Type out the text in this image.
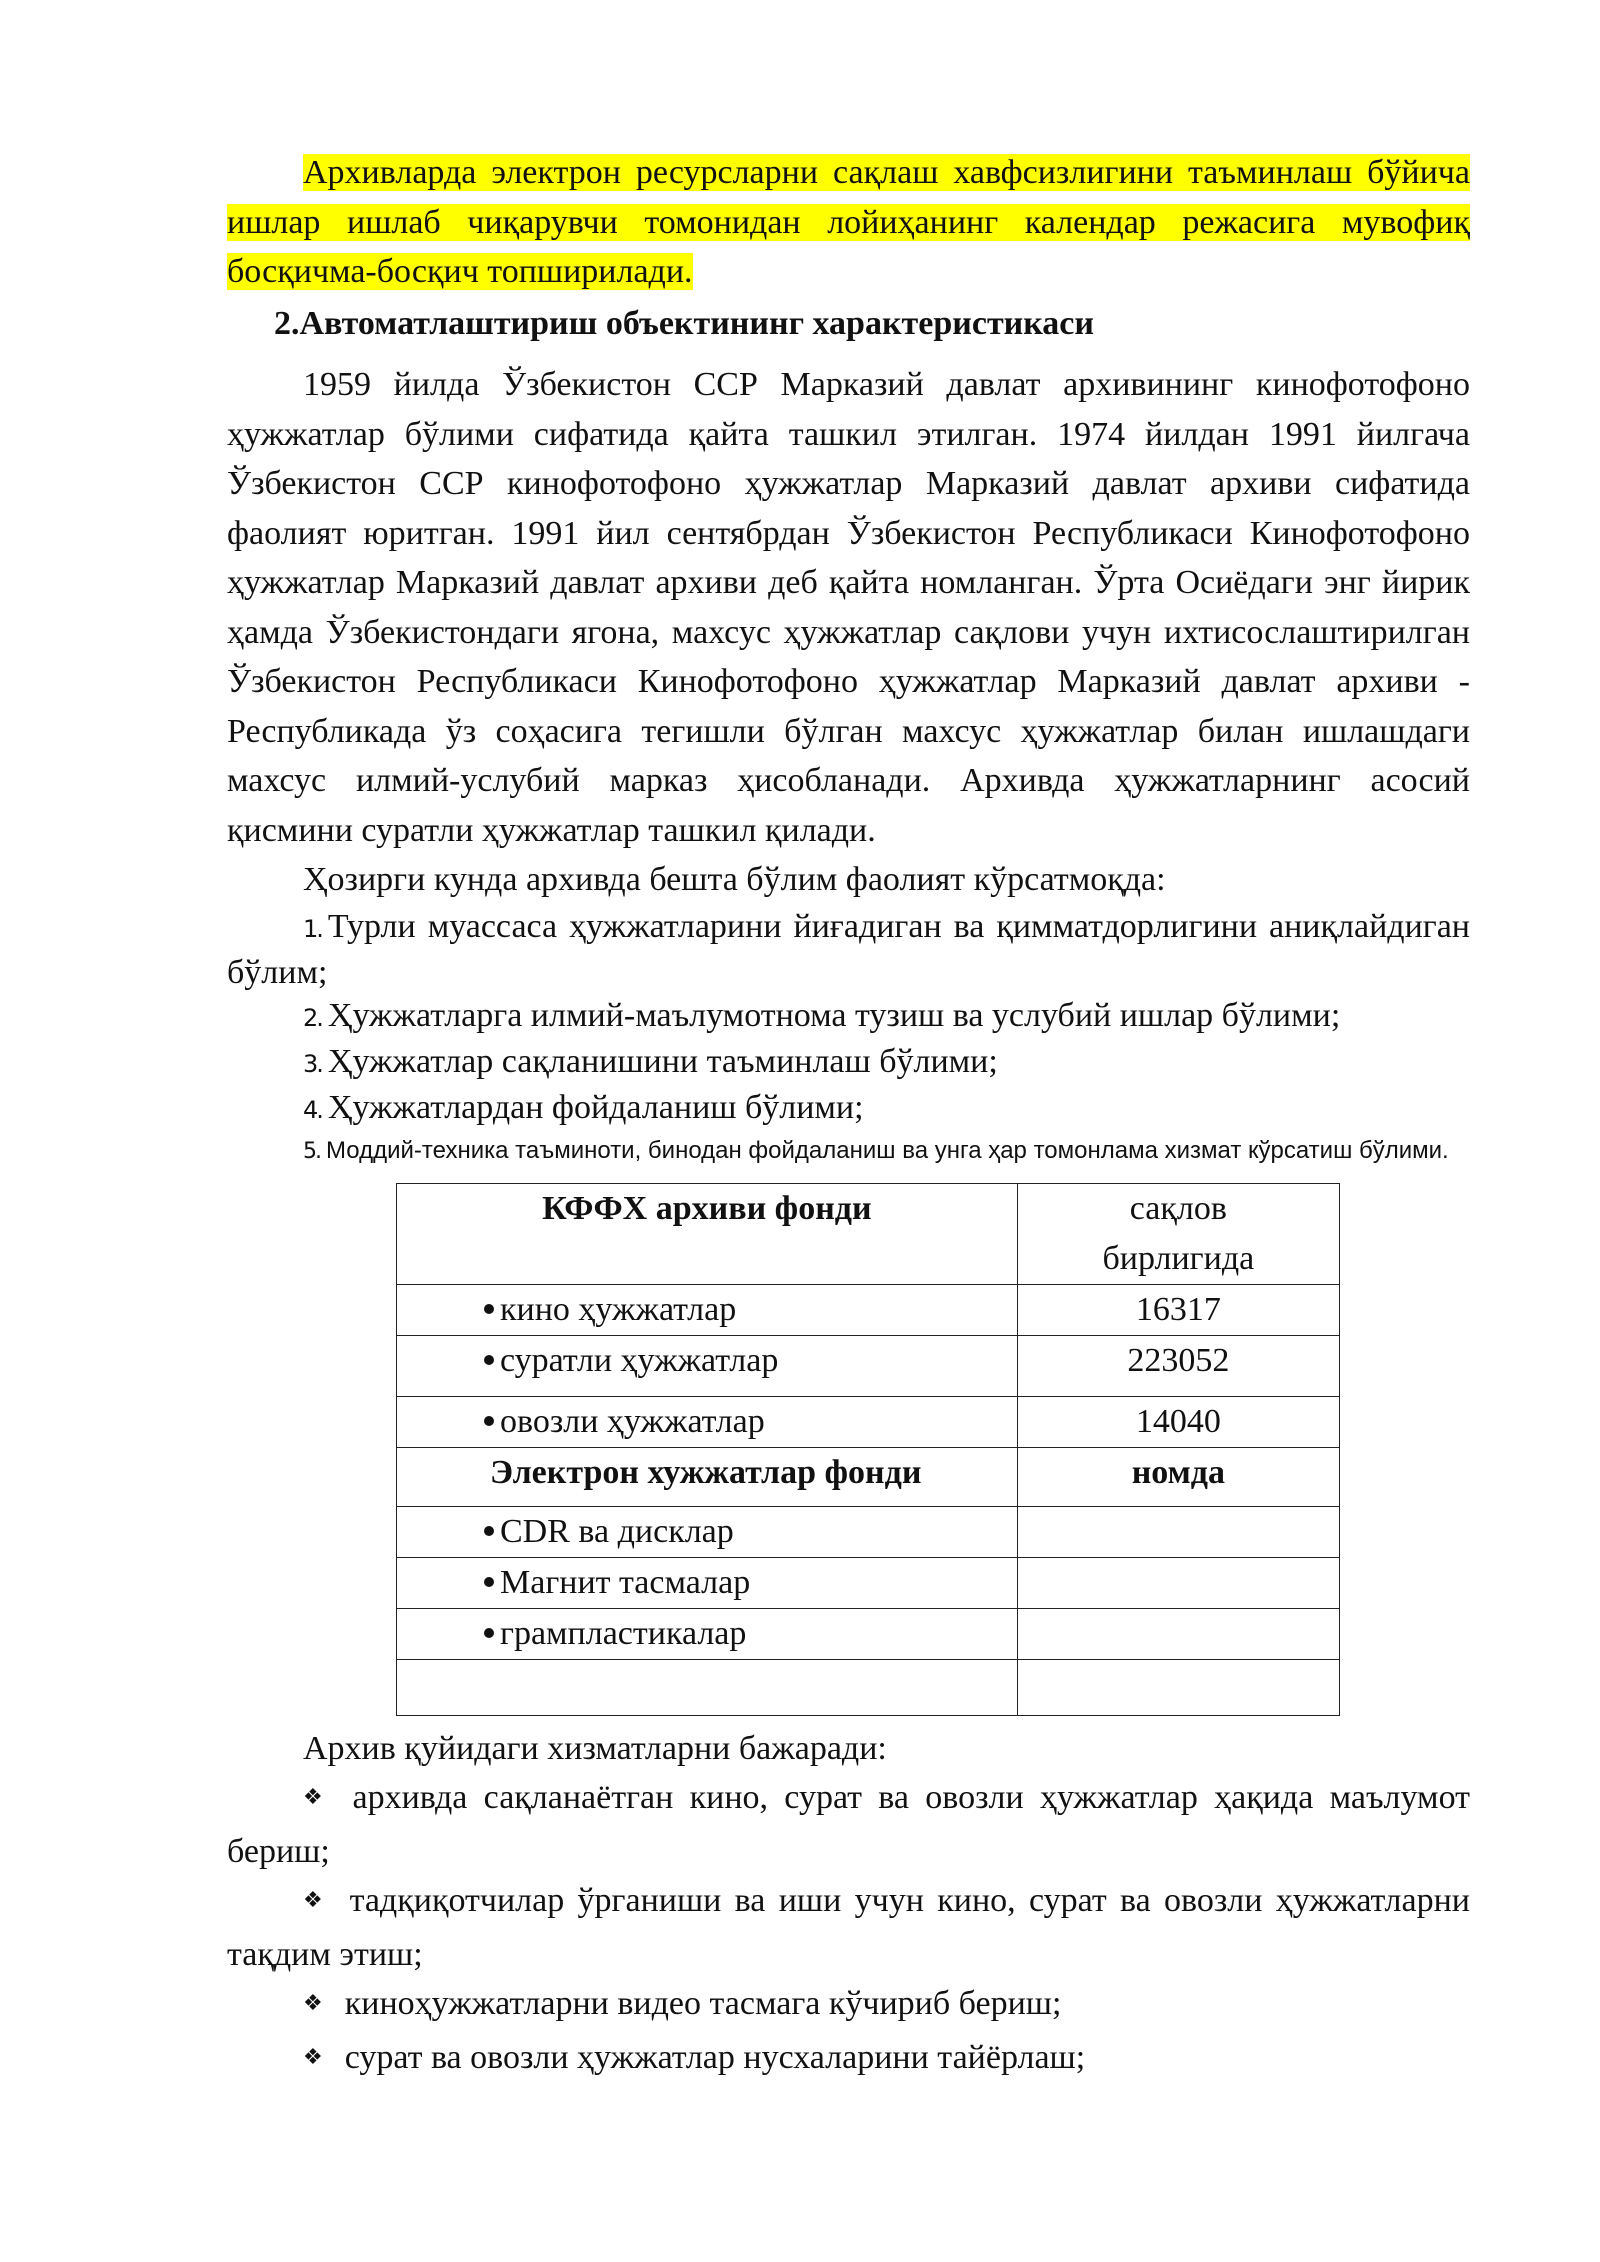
Архивларда электрон ресурсларни сақлаш хавфсизлигини таъминлаш бўйича ишлар ишлаб чиқарувчи томонидан лойиҳанинг календар режасига мувофиқ босқичма-босқич топширилади.

2.Автоматлаштириш объектининг характеристикаси

1959 йилда Ўзбекистон ССР Марказий давлат архивининг кинофотофоно ҳужжатлар бўлими сифатида қайта ташкил этилган. 1974 йилдан 1991 йилгача Ўзбекистон ССР кинофотофоно ҳужжатлар Марказий давлат архиви сифатида фаолият юритган. 1991 йил сентябрдан Ўзбекистон Республикаси Кинофотофоно ҳужжатлар Марказий давлат архиви деб қайта номланган. Ўрта Осиёдаги энг йирик ҳамда Ўзбекистондаги ягона, махсус ҳужжатлар сақлови учун ихтисослаштирилган Ўзбекистон Республикаси Кинофотофоно ҳужжатлар Марказий давлат архиви - Республикада ўз соҳасига тегишли бўлган махсус ҳужжатлар билан ишлашдаги махсус илмий-услубий марказ ҳисобланади. Архивда ҳужжатларнинг асосий қисмини суратли ҳужжатлар ташкил қилади.

Ҳозирги кунда архивда бешта бўлим фаолият кўрсатмоқда:

1. Турли муассаса ҳужжатларини йиғадиган ва қимматдорлигини аниқлайдиган бўлим;

2. Ҳужжатларга илмий-маълумотнома тузиш ва услубий ишлар бўлими;

3. Ҳужжатлар сақланишини таъминлаш бўлими;

4. Ҳужжатлардан фойдаланиш бўлими;

5. Моддий-техника таъминоти, бинодан фойдаланиш ва унга ҳар томонлама хизмат кўрсатиш бўлими.

КФФХ архиви фонди	сақлов
бирлигида

кино ҳужжатлар	16317
суратли ҳужжатлар	223052
овозли ҳужжатлар	14040
Электрон хужжатлар фонди	номда
CDR ва дисклар	
Магнит тасмалар	
грампластикалар	

Архив қуйидаги хизматларни бажаради:

❖ архивда сақланаётган кино, сурат ва овозли ҳужжатлар ҳақида маълумот бериш;

❖ тадқиқотчилар ўрганиши ва иши учун кино, сурат ва овозли ҳужжатларни тақдим этиш;

❖ киноҳужжатларни видео тасмага кўчириб бериш;

❖ сурат ва овозли ҳужжатлар нусхаларини тайёрлаш;
